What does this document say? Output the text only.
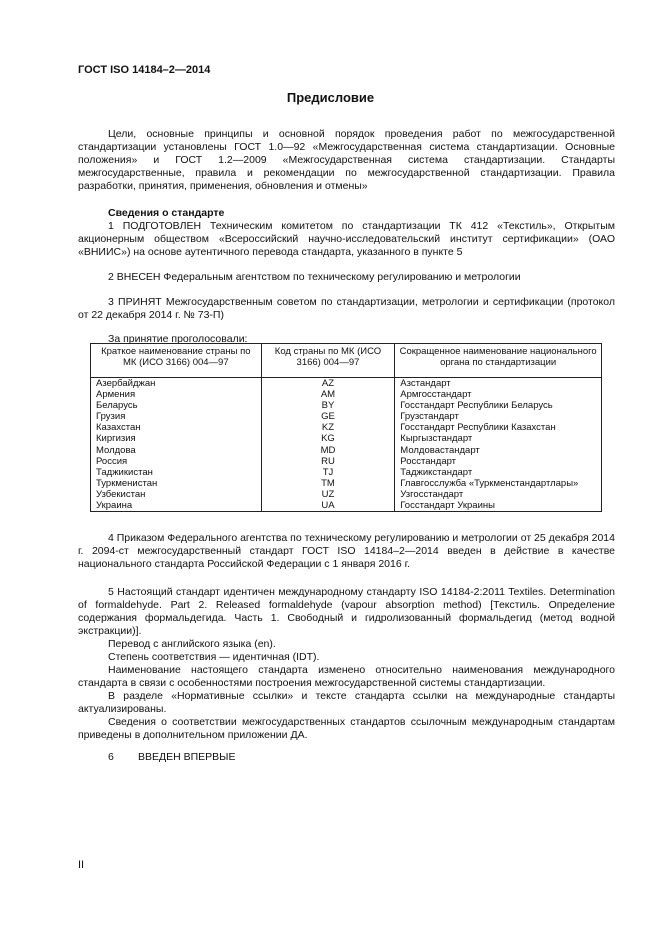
ГОСТ ISO 14184–2—2014
Предисловие

Цели, основные принципы и основной порядок проведения работ по межгосударственной стандартизации установлены ГОСТ 1.0—92 «Межгосударственная система стандартизации. Основные положения» и ГОСТ 1.2—2009 «Межгосударственная система стандартизации. Стандарты межгосударственные, правила и рекомендации по межгосударственной стандартизации. Правила разработки, принятия, применения, обновления и отмены»

Сведения о стандарте

1 ПОДГОТОВЛЕН Техническим комитетом по стандартизации ТК 412 «Текстиль», Открытым акционерным обществом «Всероссийский научно-исследовательский институт сертификации» (ОАО «ВНИИС») на основе аутентичного перевода стандарта, указанного в пункте 5

2 ВНЕСЕН Федеральным агентством по техническому регулированию и метрологии

3 ПРИНЯТ Межгосударственным советом по стандартизации, метрологии и сертификации (протокол от 22 декабря 2014 г. № 73-П)

За принятие проголосовали:
Краткое наименование страны по МК (ИСО 3166) 004—97	Код страны по МК (ИСО 3166) 004—97	Сокращенное наименование национального органа по стандартизации
Азербайджан	AZ	Азстандарт
Армения	AM	Армгосстандарт
Беларусь	BY	Госстандарт Республики Беларусь
Грузия	GE	Грузстандарт
Казахстан	KZ	Госстандарт Республики Казахстан
Киргизия	KG	Кыргызстандарт
Молдова	MD	Молдовастандарт
Россия	RU	Росстандарт
Таджикистан	TJ	Таджикстандарт
Туркменистан	TM	Главгосслужба «Туркменстандартлары»
Узбекистан	UZ	Узгосстандарт
Украина	UA	Госстандарт Украины

4 Приказом Федерального агентства по техническому регулированию и метрологии от 25 декабря 2014 г. 2094-ст межгосударственный стандарт ГОСТ ISO 14184–2—2014 введен в действие в качестве национального стандарта Российской Федерации с 1 января 2016 г.

5 Настоящий стандарт идентичен международному стандарту ISO 14184-2:2011 Textiles. Determination of formaldehyde. Part 2. Released formaldehyde (vapour absorption method) [Текстиль. Определение содержания формальдегида. Часть 1. Свободный и гидролизованный формальдегид (метод водной экстракции)].

Перевод с английского языка (en).

Степень соответствия — идентичная (IDT).

Наименование настоящего стандарта изменено относительно наименования международного стандарта в связи с особенностями построения межгосударственной системы стандартизации.

В разделе «Нормативные ссылки» и тексте стандарта ссылки на международные стандарты актуализированы.

Сведения о соответствии межгосударственных стандартов ссылочным международным стандартам приведены в дополнительном приложении ДА.

6 ВВЕДЕН ВПЕРВЫЕ
II
